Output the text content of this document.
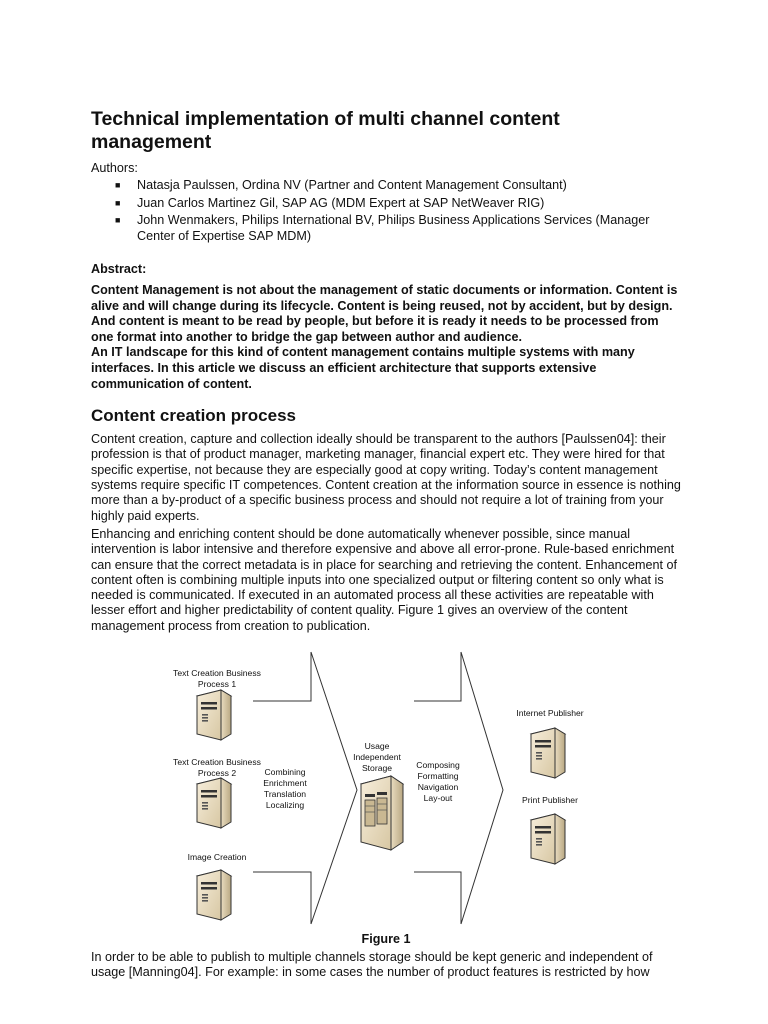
Technical implementation of multi channel content management
Authors:
■ Natasja Paulssen, Ordina NV (Partner and Content Management Consultant)
■ Juan Carlos Martinez Gil, SAP AG (MDM Expert at SAP NetWeaver RIG)
■ John Wenmakers, Philips International BV, Philips Business Applications Services (Manager Center of Expertise SAP MDM)
Abstract:

Content Management is not about the management of static documents or information. Content is alive and will change during its lifecycle. Content is being reused, not by accident, but by design. And content is meant to be read by people, but before it is ready it needs to be processed from one format into another to bridge the gap between author and audience.

An IT landscape for this kind of content management contains multiple systems with many interfaces. In this article we discuss an efficient architecture that supports extensive communication of content.

Content creation process

Content creation, capture and collection ideally should be transparent to the authors [Paulssen04]: their profession is that of product manager, marketing manager, financial expert etc. They were hired for that specific expertise, not because they are especially good at copy writing. Today’s content management systems require specific IT competences. Content creation at the information source in essence is nothing more than a by-product of a specific business process and should not require a lot of training from your highly paid experts.

Enhancing and enriching content should be done automatically whenever possible, since manual intervention is labor intensive and therefore expensive and above all error-prone. Rule-based enrichment can ensure that the correct metadata is in place for searching and retrieving the content. Enhancement of content often is combining multiple inputs into one specialized output or filtering content so only what is needed is communicated. If executed in an automated process all these activities are repeatable with lesser effort and higher predictability of content quality. Figure 1 gives an overview of the content management process from creation to publication.

Text Creation Business Process 1
Text Creation Business Process 2
Image Creation
Combining Enrichment Translation Localizing
Usage Independent Storage	Composing Formatting Navigation Lay-out
Internet Publisher
Print Publisher
Figure 1

In order to be able to publish to multiple channels storage should be kept generic and independent of usage [Manning04]. For example: in some cases the number of product features is restricted by how
